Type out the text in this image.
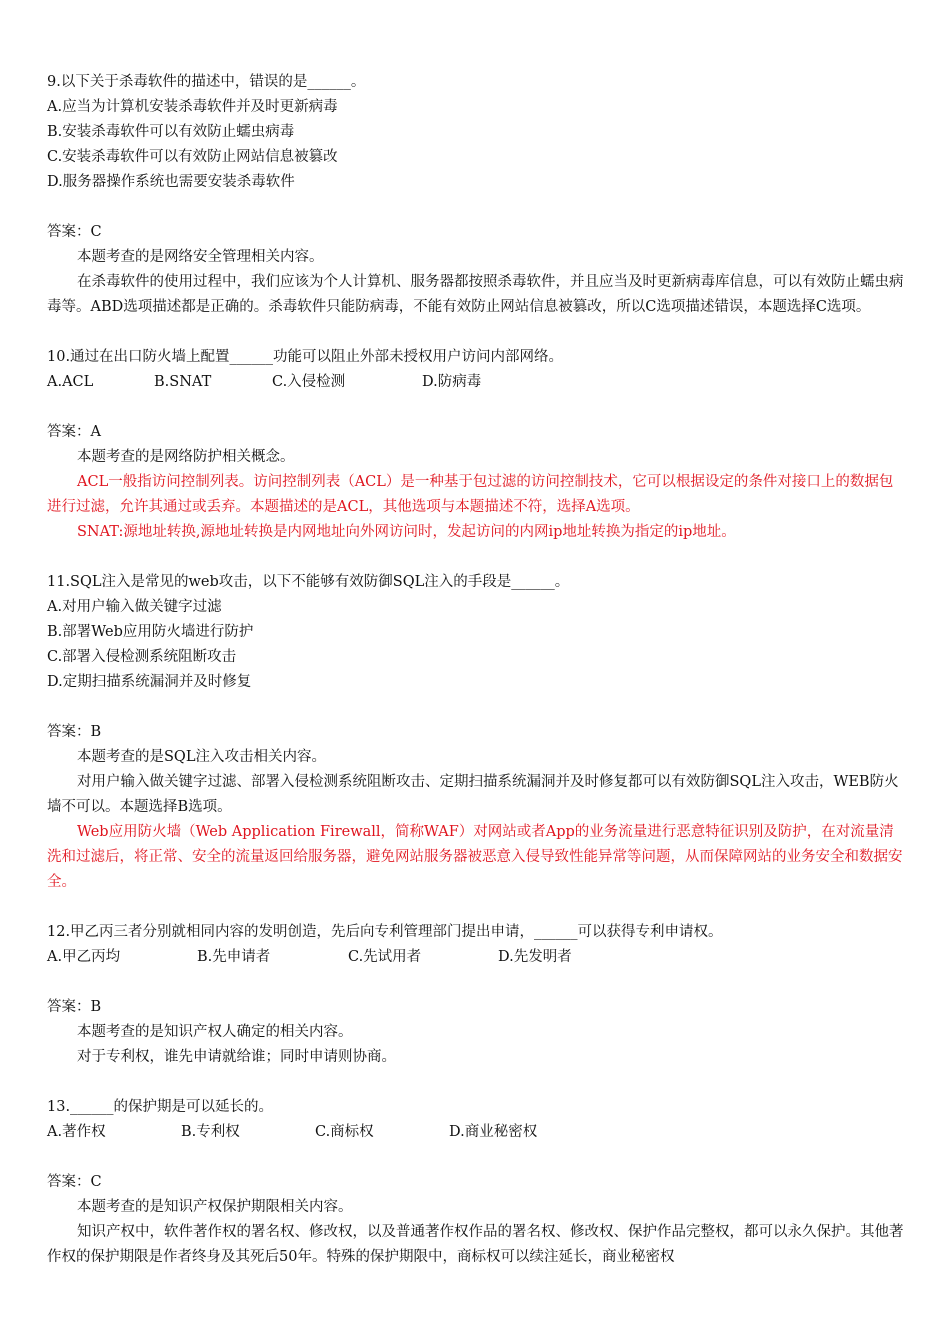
9.以下关于杀毒软件的描述中，错误的是______。
A.应当为计算机安装杀毒软件并及时更新病毒
B.安装杀毒软件可以有效防止蠕虫病毒
C.安装杀毒软件可以有效防止网站信息被篡改
D.服务器操作系统也需要安装杀毒软件
答案：C
本题考查的是网络安全管理相关内容。

在杀毒软件的使用过程中，我们应该为个人计算机、服务器都按照杀毒软件，并且应当及时更新病毒库信息，可以有效防止蠕虫病毒等。ABD选项描述都是正确的。杀毒软件只能防病毒，不能有效防止网站信息被篡改，所以C选项描述错误，本题选择C选项。

10.通过在出口防火墙上配置______功能可以阻止外部未授权用户访问内部网络。
A.ACL	B.SNAT	C.入侵检测	D.防病毒
答案：A
本题考查的是网络防护相关概念。

ACL一般指访问控制列表。访问控制列表（ACL）是一种基于包过滤的访问控制技术，它可以根据设定的条件对接口上的数据包进行过滤，允许其通过或丢弃。本题描述的是ACL，其他选项与本题描述不符，选择A选项。

SNAT:源地址转换,源地址转换是内网地址向外网访问时，发起访问的内网ip地址转换为指定的ip地址。

11.SQL注入是常见的web攻击，以下不能够有效防御SQL注入的手段是______。
A.对用户输入做关键字过滤
B.部署Web应用防火墙进行防护
C.部署入侵检测系统阻断攻击
D.定期扫描系统漏洞并及时修复
答案：B
本题考查的是SQL注入攻击相关内容。

对用户输入做关键字过滤、部署入侵检测系统阻断攻击、定期扫描系统漏洞并及时修复都可以有效防御SQL注入攻击，WEB防火墙不可以。本题选择B选项。

Web应用防火墙（Web Application Firewall，简称WAF）对网站或者App的业务流量进行恶意特征识别及防护，在对流量清洗和过滤后，将正常、安全的流量返回给服务器，避免网站服务器被恶意入侵导致性能异常等问题，从而保障网站的业务安全和数据安全。

12.甲乙丙三者分别就相同内容的发明创造，先后向专利管理部门提出申请，______可以获得专利申请权。
A.甲乙丙均	B.先申请者	C.先试用者	D.先发明者
答案：B
本题考查的是知识产权人确定的相关内容。
对于专利权，谁先申请就给谁；同时申请则协商。
13.______的保护期是可以延长的。
A.著作权	B.专利权	C.商标权	D.商业秘密权
答案：C
本题考查的是知识产权保护期限相关内容。

知识产权中，软件著作权的署名权、修改权，以及普通著作权作品的署名权、修改权、保护作品完整权，都可以永久保护。其他著作权的保护期限是作者终身及其死后50年。特殊的保护期限中，商标权可以续注延长，商业秘密权
